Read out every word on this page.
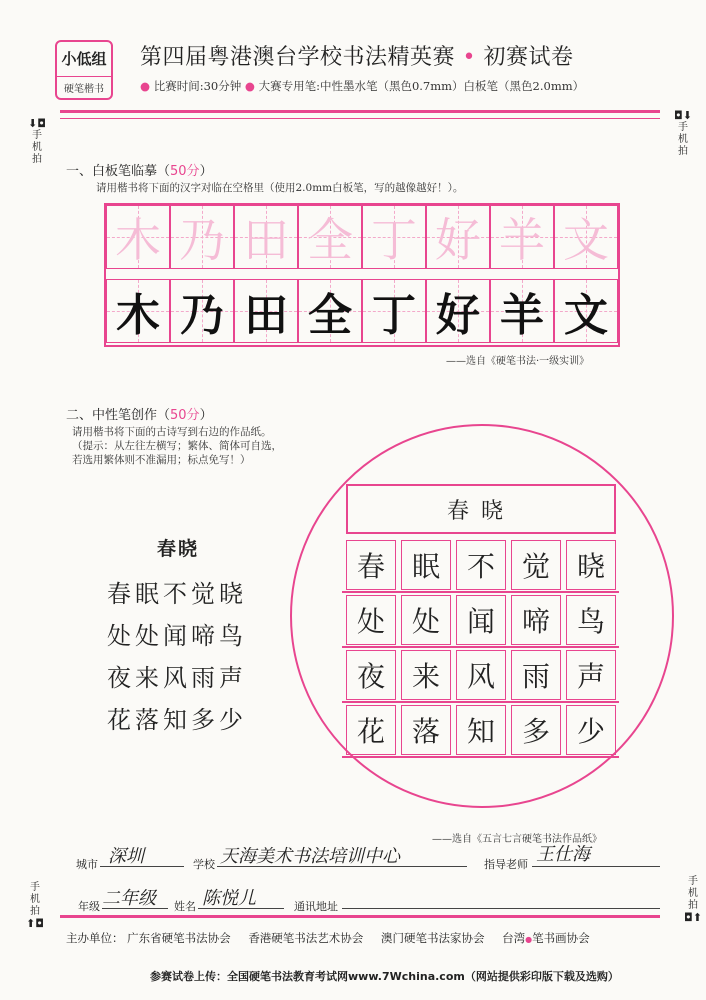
小低组
硬笔楷书
第四届粤港澳台学校书法精英赛 • 初赛试卷
● 比赛时间:30分钟 ● 大赛专用笔:中性墨水笔（黑色0.7mm）白板笔（黑色2.0mm）
⬇◘
手机拍
◘⬇
手机拍
手机拍
⬆◘
手机拍
◘⬆
一、白板笔临摹（50分）
请用楷书将下面的汉字对临在空格里（使用2.0mm白板笔，写的越像越好！）。
木 乃 田 全 丁 好 羊 文
木 乃 田 全 丁 好 羊 文
——选自《硬笔书法·一级实训》
二、中性笔创作（50分）
请用楷书将下面的古诗写到右边的作品纸。
（提示：从左往左横写；繁体、简体可自选，
若选用繁体则不准漏用；标点免写！）
春晓
春眠不觉晓
处处闻啼鸟
夜来风雨声
花落知多少
春晓
春 眠 不 觉 晓
处 处 闻 啼 鸟
夜 来 风 雨 声
花 落 知 多 少
——选自《五言七言硬笔书法作品纸》
城市 深圳	学校 天海美术书法培训中心	指导老师 王仕海
年级 二年级 姓名 陈悦儿	通讯地址
主办单位： 广东省硬笔书法协会 香港硬笔书法艺术协会 澳门硬笔书法家协会 台湾●笔书画协会
参赛试卷上传：全国硬笔书法教育考试网www.7Wchina.com（网站提供彩印版下载及选购）
